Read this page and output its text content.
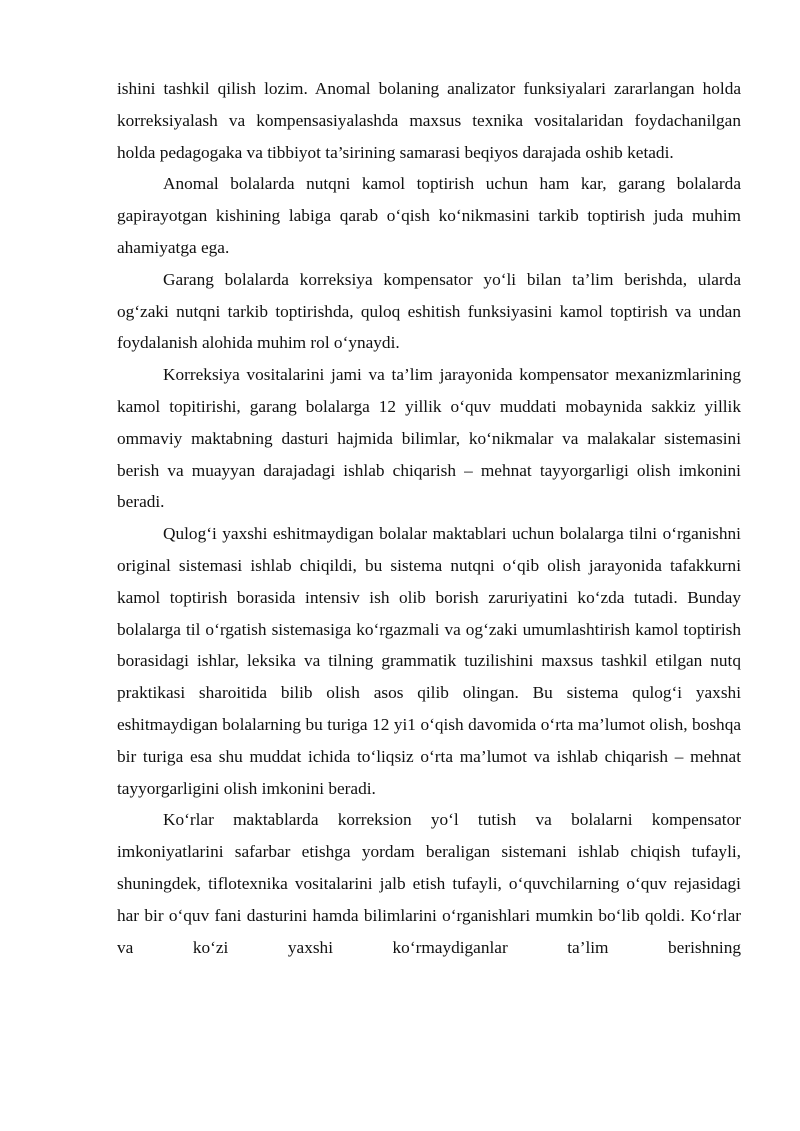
ishini tashkil qilish lozim. Anomal bolaning analizator funksiyalari zararlangan holda korreksiyalash va kompensasiyalashda maxsus texnika vositalaridan foydachanilgan holda pedagogaka va tibbiyot ta’sirining samarasi beqiyos darajada oshib ketadi.

Anomal bolalarda nutqni kamol toptirish uchun ham kar, garang bolalarda gapirayotgan kishining labiga qarab o‘qish ko‘nikmasini tarkib toptirish juda muhim ahamiyatga ega.

Garang bolalarda korreksiya kompensator yo‘li bilan ta’lim berishda, ularda og‘zaki nutqni tarkib toptirishda, quloq eshitish funksiyasini kamol toptirish va undan foydalanish alohida muhim rol o‘ynaydi.

Korreksiya vositalarini jami va ta’lim jarayonida kompensator mexanizmlarining kamol topitirishi, garang bolalarga 12 yillik o‘quv muddati mobaynida sakkiz yillik ommaviy maktabning dasturi hajmida bilimlar, ko‘nikmalar va malakalar sistemasini berish va muayyan darajadagi ishlab chiqarish – mehnat tayyorgarligi olish imkonini beradi.

Qulog‘i yaxshi eshitmaydigan bolalar maktablari uchun bolalarga tilni o‘rganishni original sistemasi ishlab chiqildi, bu sistema nutqni o‘qib olish jarayonida tafakkurni kamol toptirish borasida intensiv ish olib borish zaruriyatini ko‘zda tutadi. Bunday bolalarga til o‘rgatish sistemasiga ko‘rgazmali va og‘zaki umumlashtirish kamol toptirish borasidagi ishlar, leksika va tilning grammatik tuzilishini maxsus tashkil etilgan nutq praktikasi sharoitida bilib olish asos qilib olingan. Bu sistema qulog‘i yaxshi eshitmaydigan bolalarning bu turiga 12 yi1 o‘qish davomida o‘rta ma’lumot olish, boshqa bir turiga esa shu muddat ichida to‘liqsiz o‘rta ma’lumot va ishlab chiqarish – mehnat tayyorgarligini olish imkonini beradi.

Ko‘rlar maktablarda korreksion yo‘l tutish va bolalarni kompensator imkoniyatlarini safarbar etishga yordam beraligan sistemani ishlab chiqish tufayli, shuningdek, tiflotexnika vositalarini jalb etish tufayli, o‘quvchilarning o‘quv rejasidagi har bir o‘quv fani dasturini hamda bilimlarini o‘rganishlari mumkin bo‘lib qoldi. Ko‘rlar va ko‘zi yaxshi ko‘rmaydiganlar ta’lim berishning
